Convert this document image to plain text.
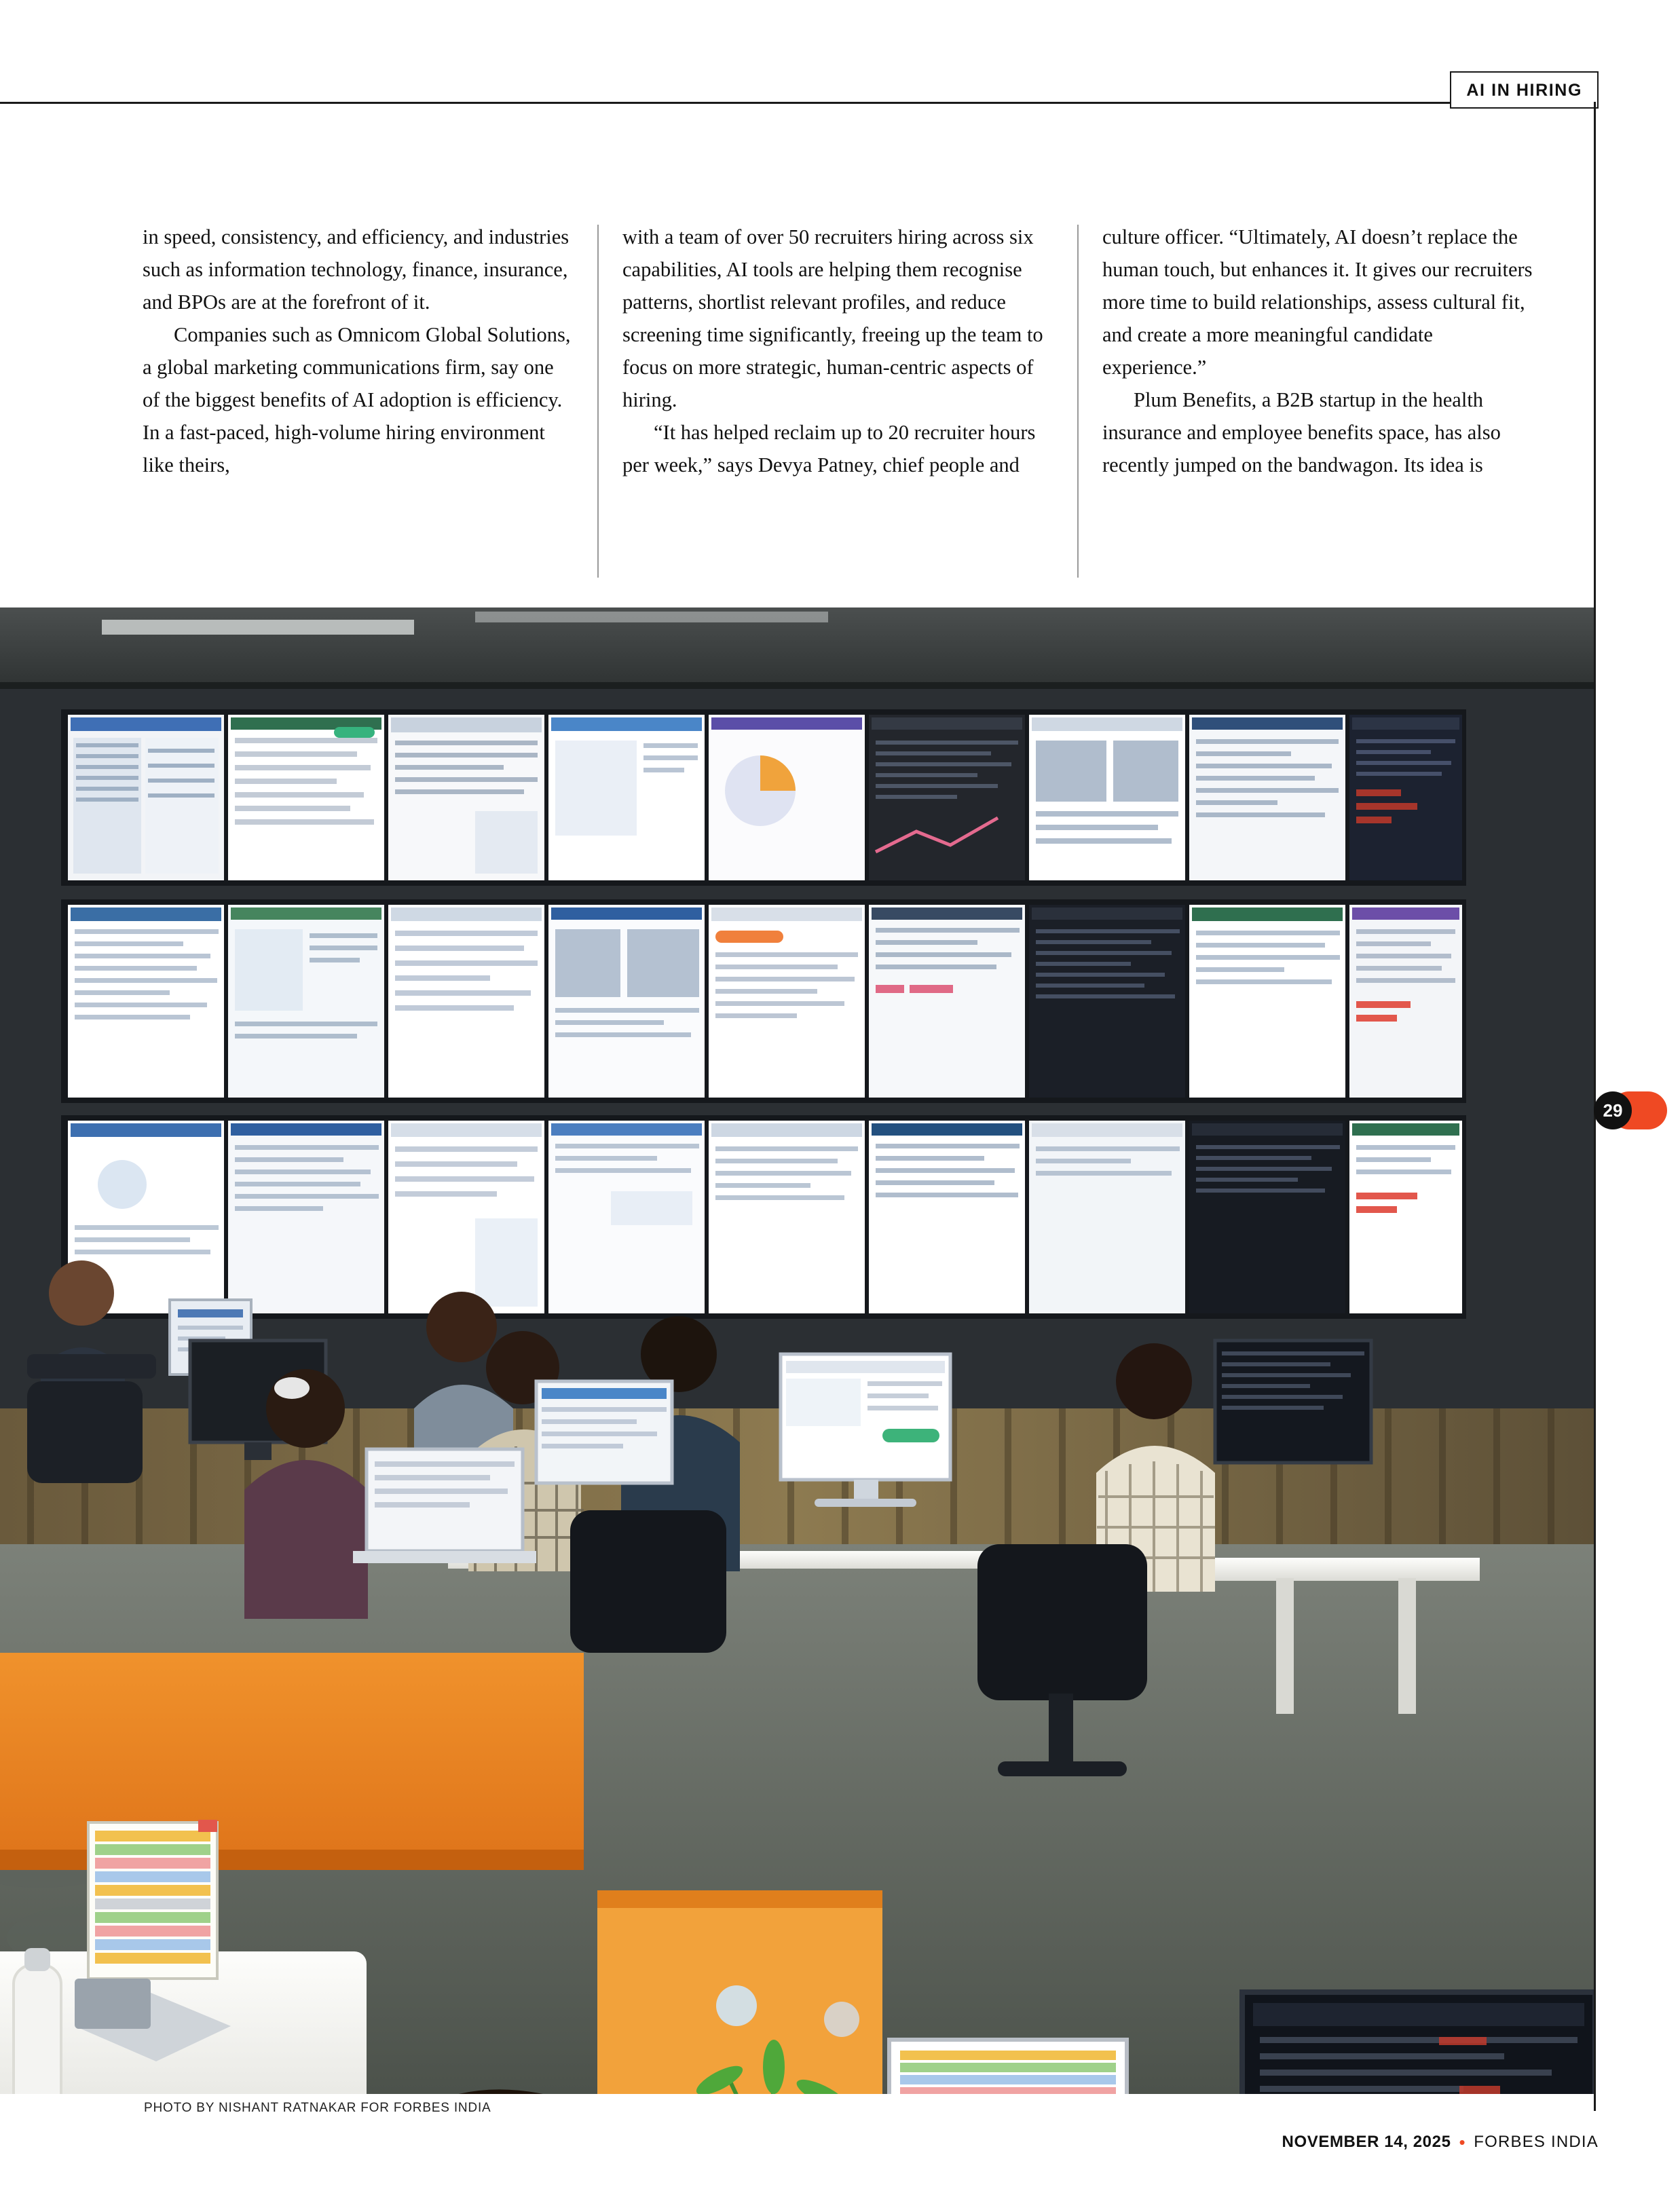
AI IN HIRING
29

in speed, consistency, and efficiency, and industries such as information technology, finance, insurance, and BPOs are at the forefront of it.

Companies such as Omnicom Global Solutions, a global marketing communications firm, say one of the biggest benefits of AI adoption is efficiency. In a fast-paced, high-volume hiring environment like theirs,

with a team of over 50 recruiters hiring across six capabilities, AI tools are helping them recognise patterns, shortlist relevant profiles, and reduce screening time significantly, freeing up the team to focus on more strategic, human-centric aspects of hiring.

“It has helped reclaim up to 20 recruiter hours per week,” says Devya Patney, chief people and

culture officer. “Ultimately, AI doesn’t replace the human touch, but enhances it. It gives our recruiters more time to build relationships, assess cultural fit, and create a more meaningful candidate experience.”

Plum Benefits, a B2B startup in the health insurance and employee benefits space, has also recently jumped on the bandwagon. Its idea is

PHOTO BY NISHANT RATNAKAR FOR FORBES INDIA
NOVEMBER 14, 2025 • FORBES INDIA
